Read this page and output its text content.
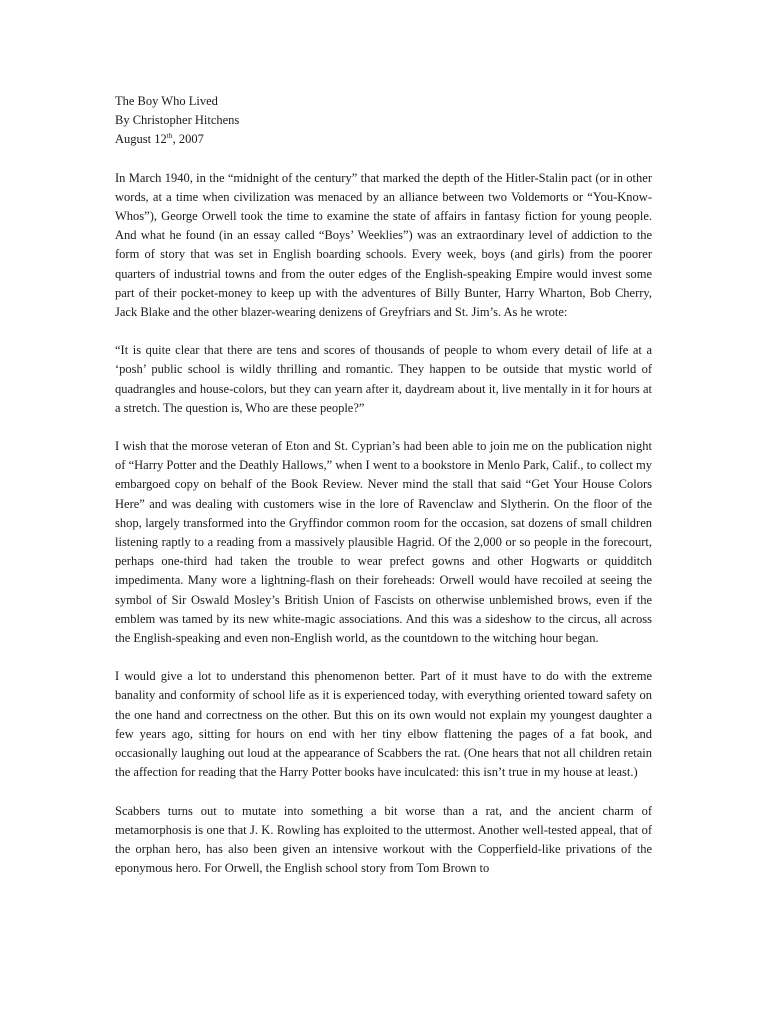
The Boy Who Lived
By Christopher Hitchens
August 12th, 2007

In March 1940, in the “midnight of the century” that marked the depth of the Hitler-Stalin pact (or in other words, at a time when civilization was menaced by an alliance between two Voldemorts or “You-Know-Whos”), George Orwell took the time to examine the state of affairs in fantasy fiction for young people. And what he found (in an essay called “Boys’ Weeklies”) was an extraordinary level of addiction to the form of story that was set in English boarding schools. Every week, boys (and girls) from the poorer quarters of industrial towns and from the outer edges of the English-speaking Empire would invest some part of their pocket-money to keep up with the adventures of Billy Bunter, Harry Wharton, Bob Cherry, Jack Blake and the other blazer-wearing denizens of Greyfriars and St. Jim’s. As he wrote:

“It is quite clear that there are tens and scores of thousands of people to whom every detail of life at a ‘posh’ public school is wildly thrilling and romantic. They happen to be outside that mystic world of quadrangles and house-colors, but they can yearn after it, daydream about it, live mentally in it for hours at a stretch. The question is, Who are these people?”

I wish that the morose veteran of Eton and St. Cyprian’s had been able to join me on the publication night of “Harry Potter and the Deathly Hallows,” when I went to a bookstore in Menlo Park, Calif., to collect my embargoed copy on behalf of the Book Review. Never mind the stall that said “Get Your House Colors Here” and was dealing with customers wise in the lore of Ravenclaw and Slytherin. On the floor of the shop, largely transformed into the Gryffindor common room for the occasion, sat dozens of small children listening raptly to a reading from a massively plausible Hagrid. Of the 2,000 or so people in the forecourt, perhaps one-third had taken the trouble to wear prefect gowns and other Hogwarts or quidditch impedimenta. Many wore a lightning-flash on their foreheads: Orwell would have recoiled at seeing the symbol of Sir Oswald Mosley’s British Union of Fascists on otherwise unblemished brows, even if the emblem was tamed by its new white-magic associations. And this was a sideshow to the circus, all across the English-speaking and even non-English world, as the countdown to the witching hour began.

I would give a lot to understand this phenomenon better. Part of it must have to do with the extreme banality and conformity of school life as it is experienced today, with everything oriented toward safety on the one hand and correctness on the other. But this on its own would not explain my youngest daughter a few years ago, sitting for hours on end with her tiny elbow flattening the pages of a fat book, and occasionally laughing out loud at the appearance of Scabbers the rat. (One hears that not all children retain the affection for reading that the Harry Potter books have inculcated: this isn’t true in my house at least.)

Scabbers turns out to mutate into something a bit worse than a rat, and the ancient charm of metamorphosis is one that J. K. Rowling has exploited to the uttermost. Another well-tested appeal, that of the orphan hero, has also been given an intensive workout with the Copperfield-like privations of the eponymous hero. For Orwell, the English school story from Tom Brown to
